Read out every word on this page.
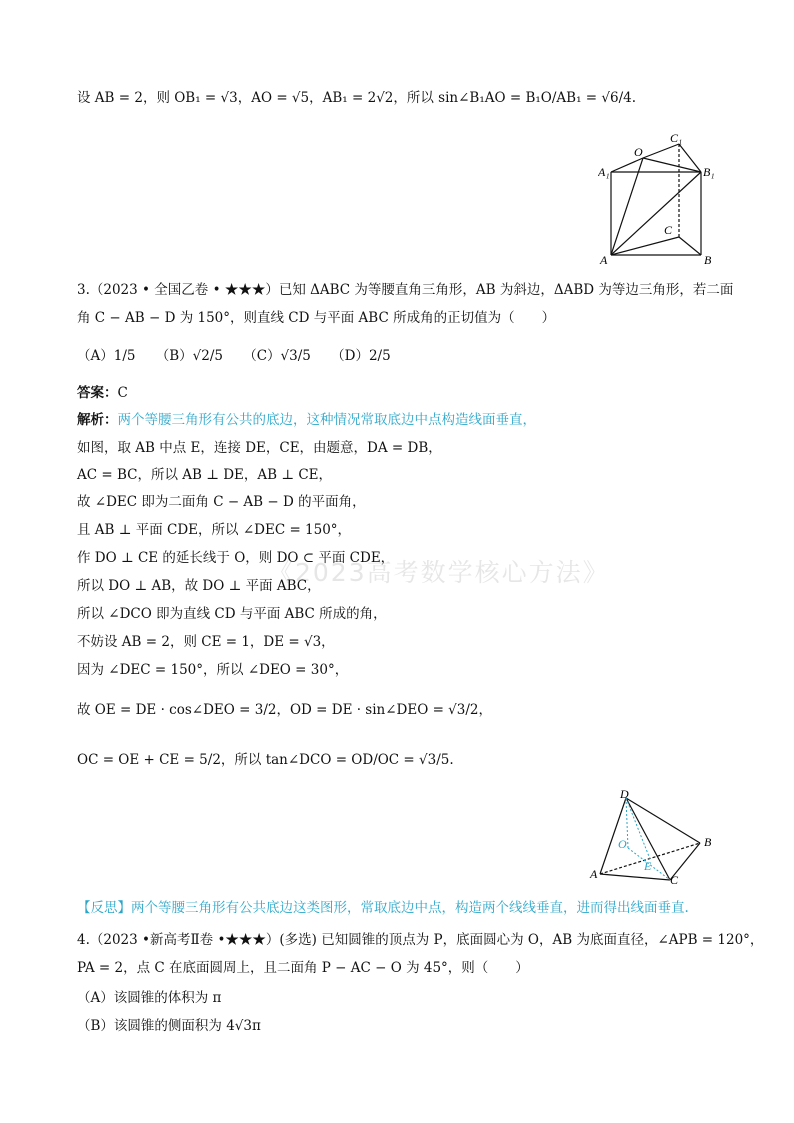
《2023高考数学核心方法》
设 AB = 2，则 OB₁ = √3，AO = √5，AB₁ = 2√2，所以 sin∠B₁AO = B₁O/AB₁ = √6/4.
C₁
O
A₁	B₁
C
A	B
3.（2023 • 全国乙卷 • ★★★）已知 ΔABC 为等腰直角三角形，AB 为斜边，ΔABD 为等边三角形，若二面
角 C − AB − D 为 150°，则直线 CD 与平面 ABC 所成角的正切值为（　　）
（A）1/5　　（B）√2/5　　（C）√3/5　　（D）2/5
答案：C
解析：两个等腰三角形有公共的底边，这种情况常取底边中点构造线面垂直，
如图，取 AB 中点 E，连接 DE，CE，由题意，DA = DB，
AC = BC，所以 AB ⊥ DE，AB ⊥ CE，
故 ∠DEC 即为二面角 C − AB − D 的平面角，
且 AB ⊥ 平面 CDE，所以 ∠DEC = 150°，
作 DO ⊥ CE 的延长线于 O，则 DO ⊂ 平面 CDE，
所以 DO ⊥ AB，故 DO ⊥ 平面 ABC，
所以 ∠DCO 即为直线 CD 与平面 ABC 所成的角，
不妨设 AB = 2，则 CE = 1，DE = √3，
因为 ∠DEC = 150°，所以 ∠DEO = 30°，
故 OE = DE · cos∠DEO = 3/2，OD = DE · sin∠DEO = √3/2，
OC = OE + CE = 5/2，所以 tan∠DCO = OD/OC = √3/5.
D
O	B
E
A	C
【反思】两个等腰三角形有公共底边这类图形，常取底边中点，构造两个线线垂直，进而得出线面垂直.
4.（2023 •新高考Ⅱ卷 •★★★）(多选) 已知圆锥的顶点为 P，底面圆心为 O，AB 为底面直径，∠APB = 120°，
PA = 2，点 C 在底面圆周上，且二面角 P − AC − O 为 45°，则（　　）
（A）该圆锥的体积为 π
（B）该圆锥的侧面积为 4√3π
